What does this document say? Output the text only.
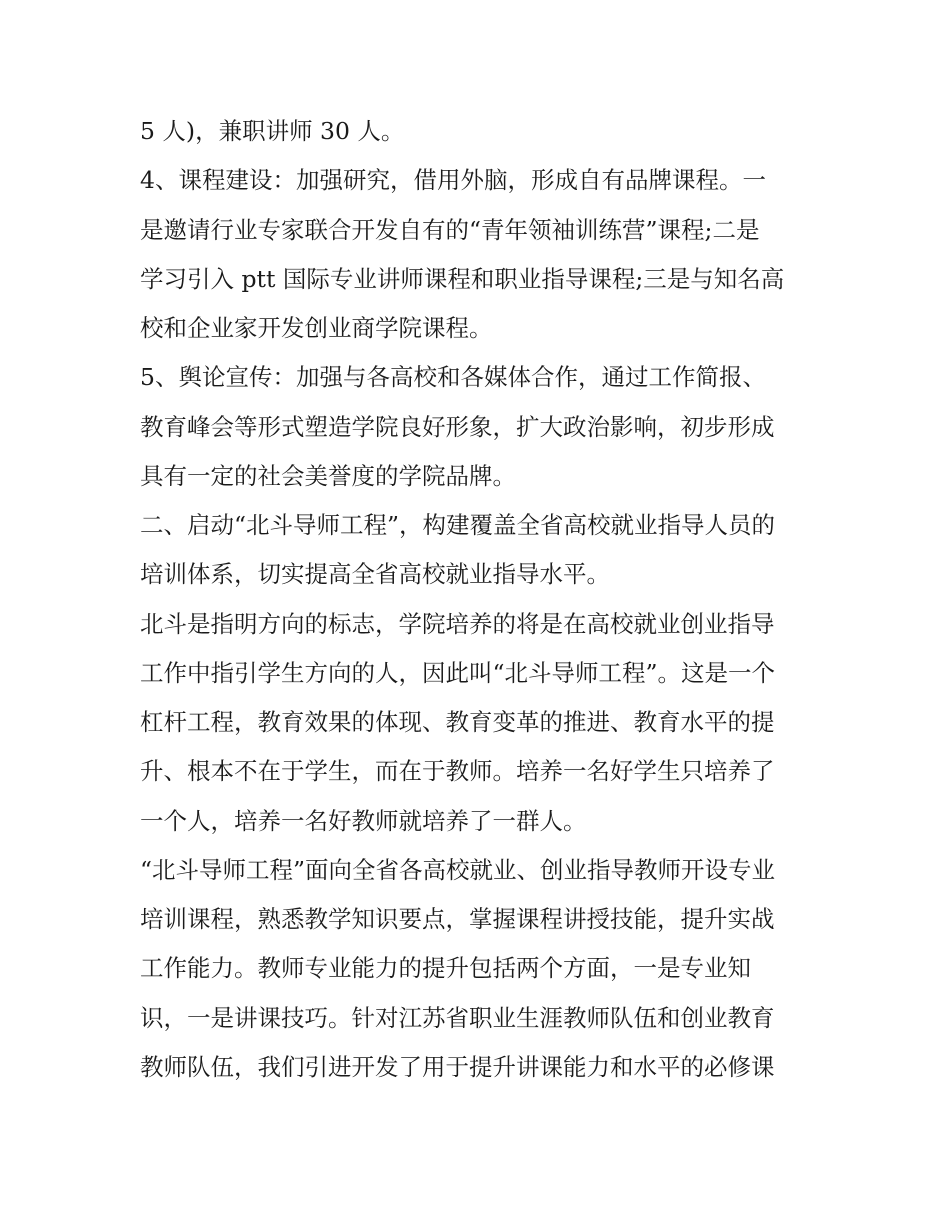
5 人)，兼职讲师 30 人。
4、课程建设：加强研究，借用外脑，形成自有品牌课程。一
是邀请行业专家联合开发自有的“青年领袖训练营”课程;二是
学习引入 ptt 国际专业讲师课程和职业指导课程;三是与知名高
校和企业家开发创业商学院课程。
5、舆论宣传：加强与各高校和各媒体合作，通过工作简报、
教育峰会等形式塑造学院良好形象，扩大政治影响，初步形成
具有一定的社会美誉度的学院品牌。
二、启动“北斗导师工程”，构建覆盖全省高校就业指导人员的
培训体系，切实提高全省高校就业指导水平。
北斗是指明方向的标志，学院培养的将是在高校就业创业指导
工作中指引学生方向的人，因此叫“北斗导师工程”。这是一个
杠杆工程，教育效果的体现、教育变革的推进、教育水平的提
升、根本不在于学生，而在于教师。培养一名好学生只培养了
一个人，培养一名好教师就培养了一群人。
“北斗导师工程”面向全省各高校就业、创业指导教师开设专业
培训课程，熟悉教学知识要点，掌握课程讲授技能，提升实战
工作能力。教师专业能力的提升包括两个方面，一是专业知
识，一是讲课技巧。针对江苏省职业生涯教师队伍和创业教育
教师队伍，我们引进开发了用于提升讲课能力和水平的必修课
